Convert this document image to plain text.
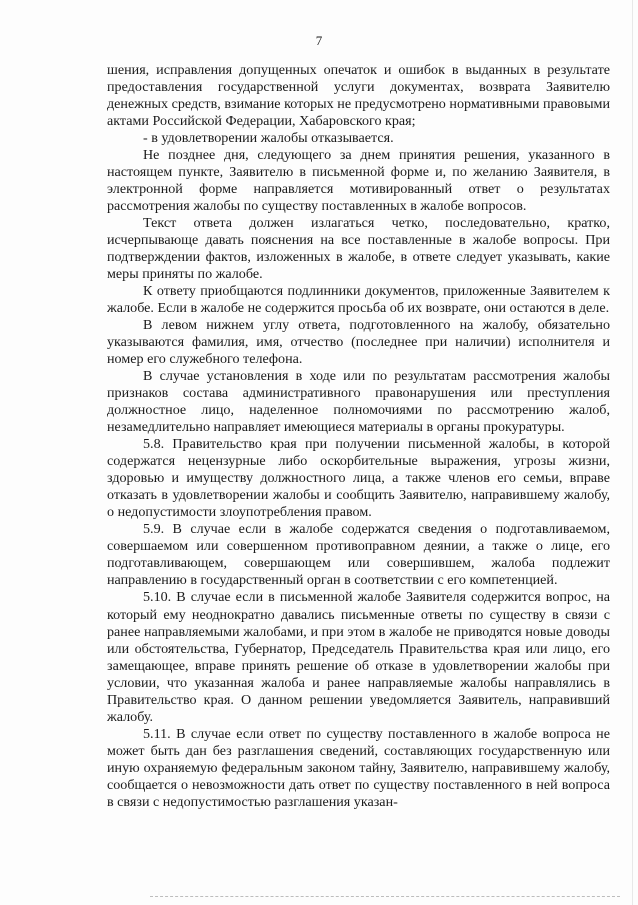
7

шения, исправления допущенных опечаток и ошибок в выданных в результате предоставления государственной услуги документах, возврата Заявителю денежных средств, взимание которых не предусмотрено нормативными правовыми актами Российской Федерации, Хабаровского края;

- в удовлетворении жалобы отказывается.

Не позднее дня, следующего за днем принятия решения, указанного в настоящем пункте, Заявителю в письменной форме и, по желанию Заявителя, в электронной форме направляется мотивированный ответ о результатах рассмотрения жалобы по существу поставленных в жалобе вопросов.

Текст ответа должен излагаться четко, последовательно, кратко, исчерпывающе давать пояснения на все поставленные в жалобе вопросы. При подтверждении фактов, изложенных в жалобе, в ответе следует указывать, какие меры приняты по жалобе.

К ответу приобщаются подлинники документов, приложенные Заявителем к жалобе. Если в жалобе не содержится просьба об их возврате, они остаются в деле.

В левом нижнем углу ответа, подготовленного на жалобу, обязательно указываются фамилия, имя, отчество (последнее при наличии) исполнителя и номер его служебного телефона.

В случае установления в ходе или по результатам рассмотрения жалобы признаков состава административного правонарушения или преступления должностное лицо, наделенное полномочиями по рассмотрению жалоб, незамедлительно направляет имеющиеся материалы в органы прокуратуры.

5.8. Правительство края при получении письменной жалобы, в которой содержатся нецензурные либо оскорбительные выражения, угрозы жизни, здоровью и имуществу должностного лица, а также членов его семьи, вправе отказать в удовлетворении жалобы и сообщить Заявителю, направившему жалобу, о недопустимости злоупотребления правом.

5.9. В случае если в жалобе содержатся сведения о подготавливаемом, совершаемом или совершенном противоправном деянии, а также о лице, его подготавливающем, совершающем или совершившем, жалоба подлежит направлению в государственный орган в соответствии с его компетенцией.

5.10. В случае если в письменной жалобе Заявителя содержится вопрос, на который ему неоднократно давались письменные ответы по существу в связи с ранее направляемыми жалобами, и при этом в жалобе не приводятся новые доводы или обстоятельства, Губернатор, Председатель Правительства края или лицо, его замещающее, вправе принять решение об отказе в удовлетворении жалобы при условии, что указанная жалоба и ранее направляемые жалобы направлялись в Правительство края. О данном решении уведомляется Заявитель, направивший жалобу.

5.11. В случае если ответ по существу поставленного в жалобе вопроса не может быть дан без разглашения сведений, составляющих государственную или иную охраняемую федеральным законом тайну, Заявителю, направившему жалобу, сообщается о невозможности дать ответ по существу поставленного в ней вопроса в связи с недопустимостью разглашения указан-
